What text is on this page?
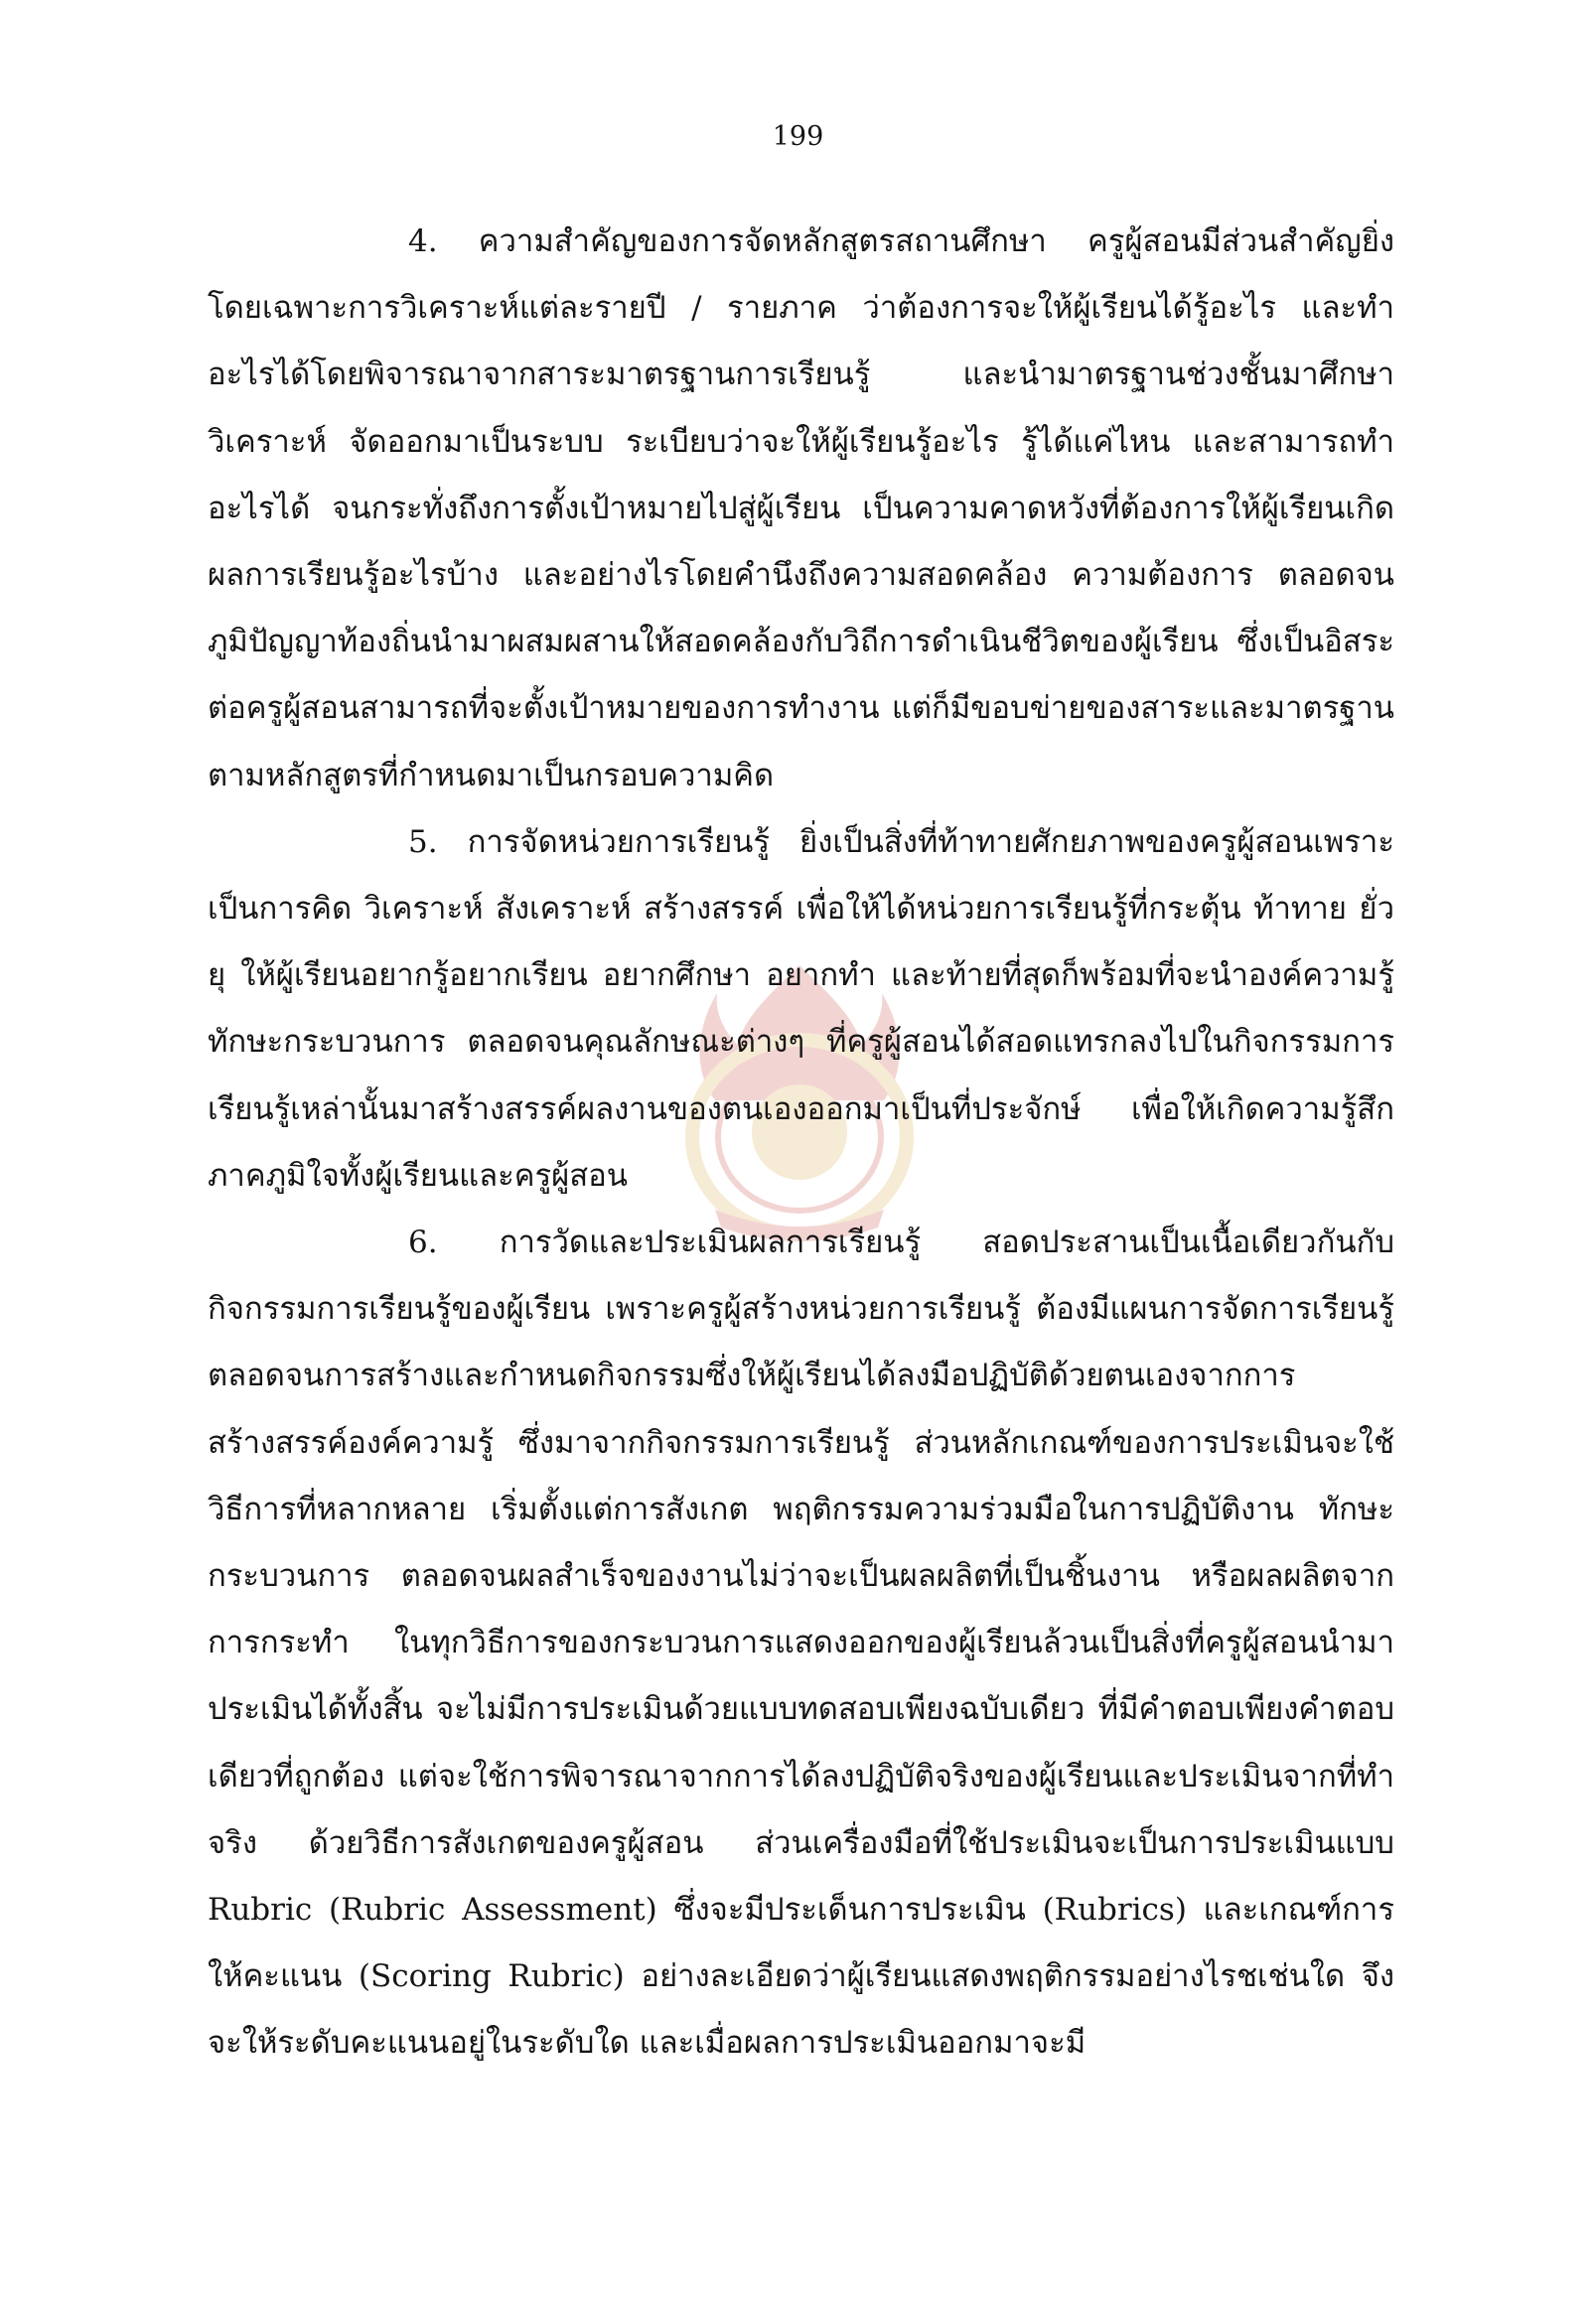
199

4. ความสำคัญของการจัดหลักสูตรสถานศึกษา ครูผู้สอนมีส่วนสำคัญยิ่ง โดยเฉพาะการวิเคราะห์แต่ละรายปี / รายภาค ว่าต้องการจะให้ผู้เรียนได้รู้อะไร และทำอะไรได้โดยพิจารณาจากสาระมาตรฐานการเรียนรู้ และนำมาตรฐานช่วงชั้นมาศึกษาวิเคราะห์ จัดออกมาเป็นระบบ ระเบียบว่าจะให้ผู้เรียนรู้อะไร รู้ได้แค่ไหน และสามารถทำอะไรได้ จนกระทั่งถึงการตั้งเป้าหมายไปสู่ผู้เรียน เป็นความคาดหวังที่ต้องการให้ผู้เรียนเกิดผลการเรียนรู้อะไรบ้าง และอย่างไรโดยคำนึงถึงความสอดคล้อง ความต้องการ ตลอดจนภูมิปัญญาท้องถิ่นนำมาผสมผสานให้สอดคล้องกับวิถีการดำเนินชีวิตของผู้เรียน ซึ่งเป็นอิสระต่อครูผู้สอนสามารถที่จะตั้งเป้าหมายของการทำงาน แต่ก็มีขอบข่ายของสาระและมาตรฐานตามหลักสูตรที่กำหนดมาเป็นกรอบความคิด

5. การจัดหน่วยการเรียนรู้ ยิ่งเป็นสิ่งที่ท้าทายศักยภาพของครูผู้สอนเพราะเป็นการคิด วิเคราะห์ สังเคราะห์ สร้างสรรค์ เพื่อให้ได้หน่วยการเรียนรู้ที่กระตุ้น ท้าทาย ยั่วยุ ให้ผู้เรียนอยากรู้อยากเรียน อยากศึกษา อยากทำ และท้ายที่สุดก็พร้อมที่จะนำองค์ความรู้ ทักษะกระบวนการ ตลอดจนคุณลักษณะต่างๆ ที่ครูผู้สอนได้สอดแทรกลงไปในกิจกรรมการเรียนรู้เหล่านั้นมาสร้างสรรค์ผลงานของตนเองออกมาเป็นที่ประจักษ์ เพื่อให้เกิดความรู้สึกภาคภูมิใจทั้งผู้เรียนและครูผู้สอน

6. การวัดและประเมินผลการเรียนรู้ สอดประสานเป็นเนื้อเดียวกันกับกิจกรรมการเรียนรู้ของผู้เรียน เพราะครูผู้สร้างหน่วยการเรียนรู้ ต้องมีแผนการจัดการเรียนรู้ตลอดจนการสร้างและกำหนดกิจกรรมซึ่งให้ผู้เรียนได้ลงมือปฏิบัติด้วยตนเองจากการสร้างสรรค์องค์ความรู้ ซึ่งมาจากกิจกรรมการเรียนรู้ ส่วนหลักเกณฑ์ของการประเมินจะใช้วิธีการที่หลากหลาย เริ่มตั้งแต่การสังเกต พฤติกรรมความร่วมมือในการปฏิบัติงาน ทักษะกระบวนการ ตลอดจนผลสำเร็จของงานไม่ว่าจะเป็นผลผลิตที่เป็นชิ้นงาน หรือผลผลิตจากการกระทำ ในทุกวิธีการของกระบวนการแสดงออกของผู้เรียนล้วนเป็นสิ่งที่ครูผู้สอนนำมาประเมินได้ทั้งสิ้น จะไม่มีการประเมินด้วยแบบทดสอบเพียงฉบับเดียว ที่มีคำตอบเพียงคำตอบเดียวที่ถูกต้อง แต่จะใช้การพิจารณาจากการได้ลงปฏิบัติจริงของผู้เรียนและประเมินจากที่ทำจริง ด้วยวิธีการสังเกตของครูผู้สอน ส่วนเครื่องมือที่ใช้ประเมินจะเป็นการประเมินแบบ Rubric (Rubric Assessment) ซึ่งจะมีประเด็นการประเมิน (Rubrics) และเกณฑ์การให้คะแนน (Scoring Rubric) อย่างละเอียดว่าผู้เรียนแสดงพฤติกรรมอย่างไรชเช่นใด จึงจะให้ระดับคะแนนอยู่ในระดับใด และเมื่อผลการประเมินออกมาจะมี
